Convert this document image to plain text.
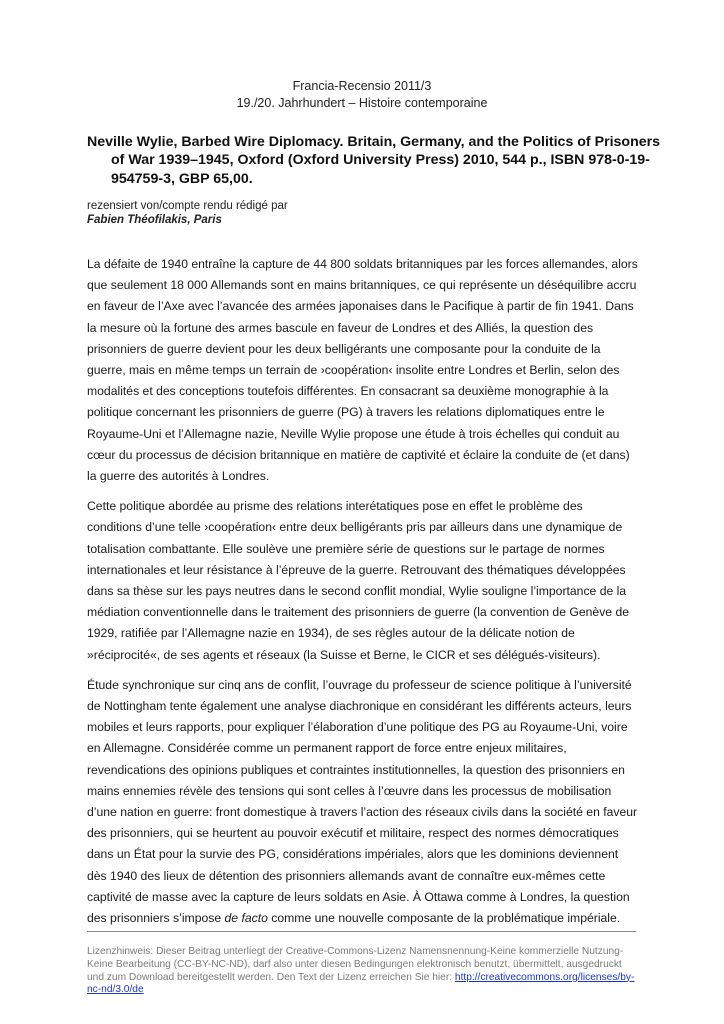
Francia-Recensio 2011/3
19./20. Jahrhundert – Histoire contemporaine
Neville Wylie, Barbed Wire Diplomacy. Britain, Germany, and the Politics of Prisoners of War 1939–1945, Oxford (Oxford University Press) 2010, 544 p., ISBN 978-0-19-954759-3, GBP 65,00.
rezensiert von/compte rendu rédigé par
Fabien Théofilakis, Paris

La défaite de 1940 entraîne la capture de 44 800 soldats britanniques par les forces allemandes, alors que seulement 18 000 Allemands sont en mains britanniques, ce qui représente un déséquilibre accru en faveur de l’Axe avec l’avancée des armées japonaises dans le Pacifique à partir de fin 1941. Dans la mesure où la fortune des armes bascule en faveur de Londres et des Alliés, la question des prisonniers de guerre devient pour les deux belligérants une composante pour la conduite de la guerre, mais en même temps un terrain de ›coopération‹ insolite entre Londres et Berlin, selon des modalités et des conceptions toutefois différentes. En consacrant sa deuxième monographie à la politique concernant les prisonniers de guerre (PG) à travers les relations diplomatiques entre le Royaume-Uni et l’Allemagne nazie, Neville Wylie propose une étude à trois échelles qui conduit au cœur du processus de décision britannique en matière de captivité et éclaire la conduite de (et dans) la guerre des autorités à Londres.

Cette politique abordée au prisme des relations interétatiques pose en effet le problème des conditions d’une telle ›coopération‹ entre deux belligérants pris par ailleurs dans une dynamique de totalisation combattante. Elle soulève une première série de questions sur le partage de normes internationales et leur résistance à l’épreuve de la guerre. Retrouvant des thématiques développées dans sa thèse sur les pays neutres dans le second conflit mondial, Wylie souligne l’importance de la médiation conventionnelle dans le traitement des prisonniers de guerre (la convention de Genève de 1929, ratifiée par l’Allemagne nazie en 1934), de ses règles autour de la délicate notion de »réciprocité«, de ses agents et réseaux (la Suisse et Berne, le CICR et ses délégués-visiteurs).

Étude synchronique sur cinq ans de conflit, l’ouvrage du professeur de science politique à l’université de Nottingham tente également une analyse diachronique en considérant les différents acteurs, leurs mobiles et leurs rapports, pour expliquer l’élaboration d’une politique des PG au Royaume-Uni, voire en Allemagne. Considérée comme un permanent rapport de force entre enjeux militaires, revendications des opinions publiques et contraintes institutionnelles, la question des prisonniers en mains ennemies révèle des tensions qui sont celles à l’œuvre dans les processus de mobilisation d’une nation en guerre: front domestique à travers l’action des réseaux civils dans la société en faveur des prisonniers, qui se heurtent au pouvoir exécutif et militaire, respect des normes démocratiques dans un État pour la survie des PG, considérations impériales, alors que les dominions deviennent dès 1940 des lieux de détention des prisonniers allemands avant de connaître eux-mêmes cette captivité de masse avec la capture de leurs soldats en Asie. À Ottawa comme à Londres, la question des prisonniers s’impose de facto comme une nouvelle composante de la problématique impériale.

Lizenzhinweis: Dieser Beitrag unterliegt der Creative-Commons-Lizenz Namensnennung-Keine kommerzielle Nutzung-Keine Bearbeitung (CC-BY-NC-ND), darf also unter diesen Bedingungen elektronisch benutzt, übermittelt, ausgedruckt und zum Download bereitgestellt werden. Den Text der Lizenz erreichen Sie hier: http://creativecommons.org/licenses/by-nc-nd/3.0/de
